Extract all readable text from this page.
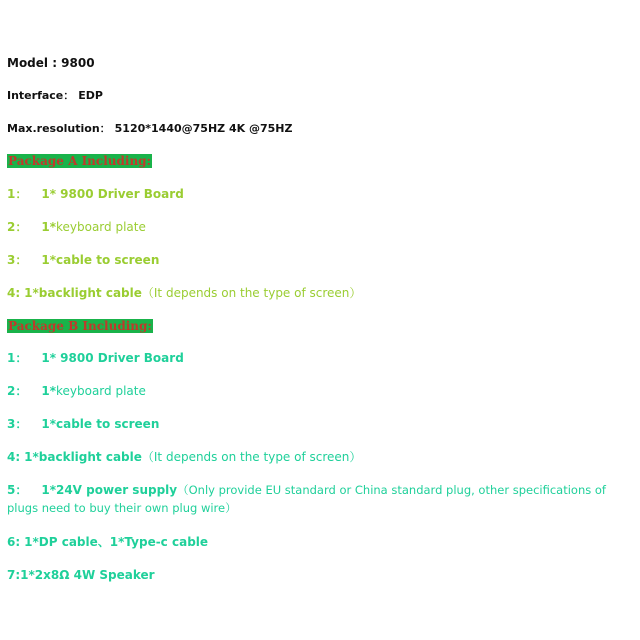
Model : 9800
Interface： EDP
Max.resolution： 5120*1440@75HZ 4K @75HZ
Package A Including:
1： 1* 9800 Driver Board
2： 1*keyboard plate
3： 1*cable to screen
4: 1*backlight cable（It depends on the type of screen）
Package B Including:
1： 1* 9800 Driver Board
2： 1*keyboard plate
3： 1*cable to screen
4: 1*backlight cable（It depends on the type of screen）
5： 1*24V power supply（Only provide EU standard or China standard plug, other specifications of plugs need to buy their own plug wire）
6: 1*DP cable、1*Type-c cable
7:1*2x8Ω 4W Speaker
